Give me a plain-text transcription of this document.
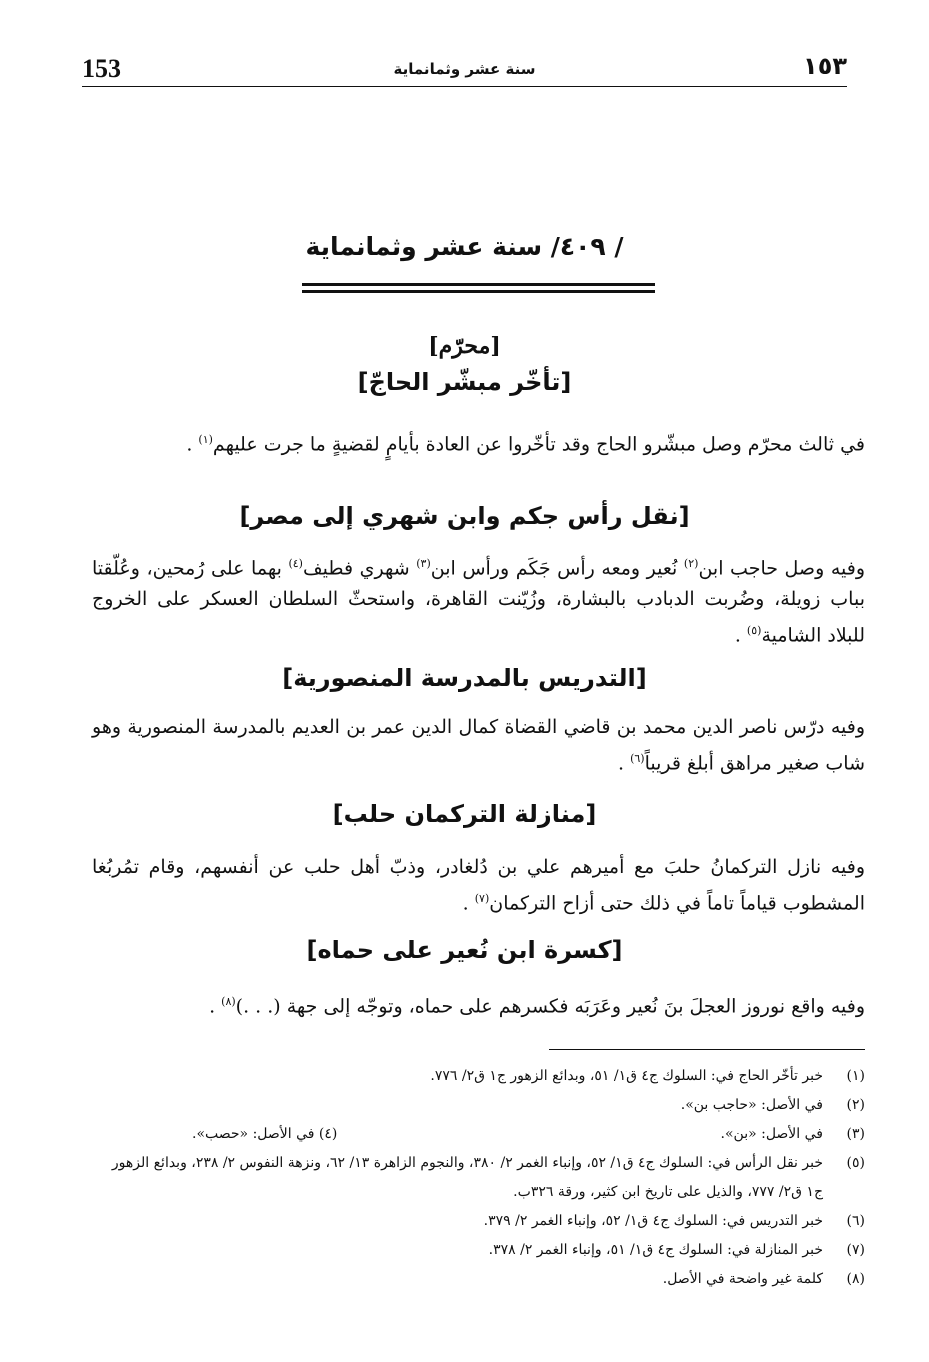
153	سنة عشر وثمانماية	١٥٣
/ ٤٠٩/ سنة عشر وثمانماية
[محرّم]
[تأخّر مبشّر الحاجّ]
في ثالث محرّم وصل مبشّرو الحاج وقد تأخّروا عن العادة بأيامٍ لقضيةٍ ما جرت عليهم$^{(١)}$ .
[نقل رأس جكم وابن شهري إلى مصر]
وفيه وصل حاجب ابن$^{(٢)}$ نُعير ومعه رأس جَكَم ورأس ابن$^{(٣)}$ شهري فطيف$^{(٤)}$ بهما على رُمحين، وعُلّقتا بباب زويلة، وضُربت الدبادب بالبشارة، وزُيّنت القاهرة، واستحثّ السلطان العسكر على الخروج للبلاد الشامية$^{(٥)}$ .
[التدريس بالمدرسة المنصورية]
وفيه درّس ناصر الدين محمد بن قاضي القضاة كمال الدين عمر بن العديم بالمدرسة المنصورية وهو شاب صغير مراهق أبلغ قريباً$^{(٦)}$ .
[منازلة التركمان حلب]
وفيه نازل التركمانُ حلبَ مع أميرهم علي بن دُلغادر، وذبّ أهل حلب عن أنفسهم، وقام تمُربُغا المشطوب قياماً تاماً في ذلك حتى أزاح التركمان$^{(٧)}$ .
[كسرة ابن نُعير على حماه]
وفيه واقع نوروز العجلَ بنَ نُعير وعَرَبَه فكسرهم على حماه، وتوجّه إلى جهة (. . .)$^{(٨)}$ .
(١)
خبر تأخّر الحاج في: السلوك ج٤ ق١/ ٥١، وبدائع الزهور ج١ ق٢/ ٧٧٦.
(٢)
في الأصل: «حاجب بن».
(٣)
في الأصل: «بن».
(٤) في الأصل: «حصب».
(٥)
خبر نقل الرأس في: السلوك ج٤ ق١/ ٥٢، وإنباء الغمر ٢/ ٣٨٠، والنجوم الزاهرة ١٣/ ٦٢، ونزهة النفوس ٢/ ٢٣٨، وبدائع الزهور ج١ ق٢/ ٧٧٧، والذيل على تاريخ ابن كثير، ورقة ٣٢٦ب.
(٦)
خبر التدريس في: السلوك ج٤ ق١/ ٥٢، وإنباء الغمر ٢/ ٣٧٩.
(٧)
خبر المنازلة في: السلوك ج٤ ق١/ ٥١، وإنباء الغمر ٢/ ٣٧٨.
(٨)
كلمة غير واضحة في الأصل.
